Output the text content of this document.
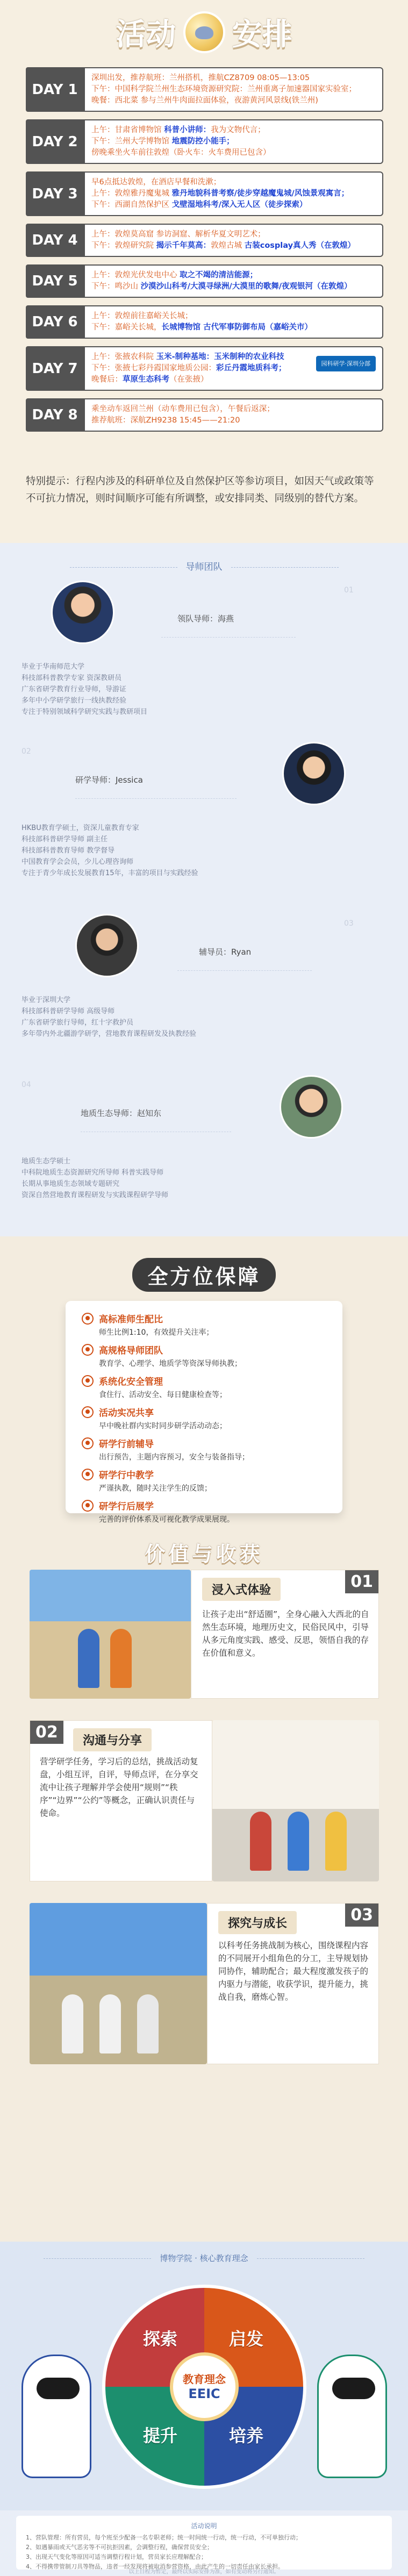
活动 安排
DAY 1

深圳出发，推荐航班：兰州搭机，推航CZ8709 08:05—13:05

下午：中国科学院兰州生态环境资源研究院：兰州重离子加速器国家实验室；

晚餐：西北菜 参与兰州牛肉面拉面体验，夜游黄河风景线(铁兰州)

DAY 2

上午：甘肃省博物馆 科普小讲师：我为文物代言；

下午：兰州大学博物馆 地震防控小能手；

傍晚乘坐火车前往敦煌（卧火车：火车费用已包含）

DAY 3

早6点抵达敦煌，在酒店早餐和洗漱；

上午：敦煌雅丹魔鬼城 雅丹地貌科普考察/徒步穿越魔鬼城/风蚀景观寓言；

下午：西湖自然保护区 戈壁湿地科考/深入无人区（徒步探索）

DAY 4	上午：敦煌莫高窟 参访洞窟、解析华夏文明艺术；

下午：敦煌研究院 揭示千年莫高：敦煌古城 古装cosplay真人秀（在敦煌）

DAY 5	上午：敦煌光伏发电中心 取之不竭的清洁能源；

下午：鸣沙山 沙漠沙山科考/大漠寻绿洲/大漠里的歌舞/夜观银河（在敦煌）

DAY 6	上午：敦煌前往嘉峪关长城；

下午：嘉峪关长城，长城博物馆 古代军事防御布局（嘉峪关市）

DAY 7	园科研学·深圳分部

上午：张掖农科院 玉米-制种基地：玉米制种的农业科技

下午：张掖七彩丹霞国家地质公园：彩丘丹霞地质科考；

晚餐后：草原生态科考（在张掖）

DAY 8	乘坐动车返回兰州（动车费用已包含），午餐后返深；

推荐航班：深航ZH9238 15:45——21:20

特别提示：行程内涉及的科研单位及自然保护区等参访项目，如因天气或政策等不可抗力情况，则时间顺序可能有所调整，或安排同类、同级别的替代方案。

导师团队
领队导师：海燕
01
毕业于华南师范大学
科技部科普教学专家 资深教研员
广东省研学教育行业导师，导游证
多年中小学研学旅行一线执教经验
专注于特别领域科学研究实践与教研项目
研学导师：Jessica
02
HKBU教育学硕士，资深儿童教育专家
科技部科普研学导师 副主任
科技部科普教育导师 教学督导
中国教育学会会员，少儿心理咨询师
专注于青少年成长发展教育15年，丰富的项目与实践经验
辅导员：Ryan
03
毕业于深圳大学
科技部科普研学导师 高级导师
广东省研学旅行导师，红十字救护员
多年带内外北疆游学研学，营地教育课程研发及执教经验
地质生态导师：赵知东
04
地质生态学硕士
中科院地质生态资源研究所导师 科普实践导师
长期从事地质生态领域专题研究
资深自然营地教育课程研发与实践课程研学导师
全方位保障
高标准师生配比

师生比例1:10，有效提升关注率；

高规格导师团队

教育学、心理学、地质学等资深导师执教；

系统化安全管理

食住行、活动安全、每日健康检查等；

活动实况共享

早中晚社群内实时同步研学活动动态；

研学行前辅导

出行预告，主题内容预习，安全与装备指导；

研学行中教学

严谨执教，随时关注学生的反馈；

研学行后展学

完善的评价体系及可视化教学成果展现。

价值与收获
浸入式体验	01

让孩子走出“舒适圈”，全身心融入大西北的自然生态环境，地理历史文，民俗民风中，引导从多元角度实践、感受、反思，领悟自我的存在价值和意义。

02	沟通与分享

营学研学任务，学习后的总结，挑战活动复盘，小组互评，自评，导师点评，在分享交流中让孩子理解并学会使用“规则”“秩序”“边界”“公约”等概念，正确认识责任与使命。

探究与成长	03

以科考任务挑战制为核心，围绕课程内容的不同展开小组角色的分工，主导规划协同协作，辅助配合；最大程度激发孩子的内驱力与潜能，收获学识，提升能力，挑战自我，磨炼心智。

博物学院 · 核心教育理念
探索	启发
培养
提升
教育理念
EEIC
活动说明

1、营队管理：所有营员，每个班至少配备一名专职老师；统一时间统一行动，统一行动，不可单独行动；

2、如遇暴雨或天气恶劣等不可抗拒因素，会调整行程，确保营员安全；

3、出现天气变化等原因可适当调整行程计划，营员家长应理解配合；

4、不得携带管制刀具等物品，违者一经发现将被取消参营资格，由此产生的一切责任由家长承担。

以上日程为暂定，最终以实际安排为准，如有变动将另行通知。
